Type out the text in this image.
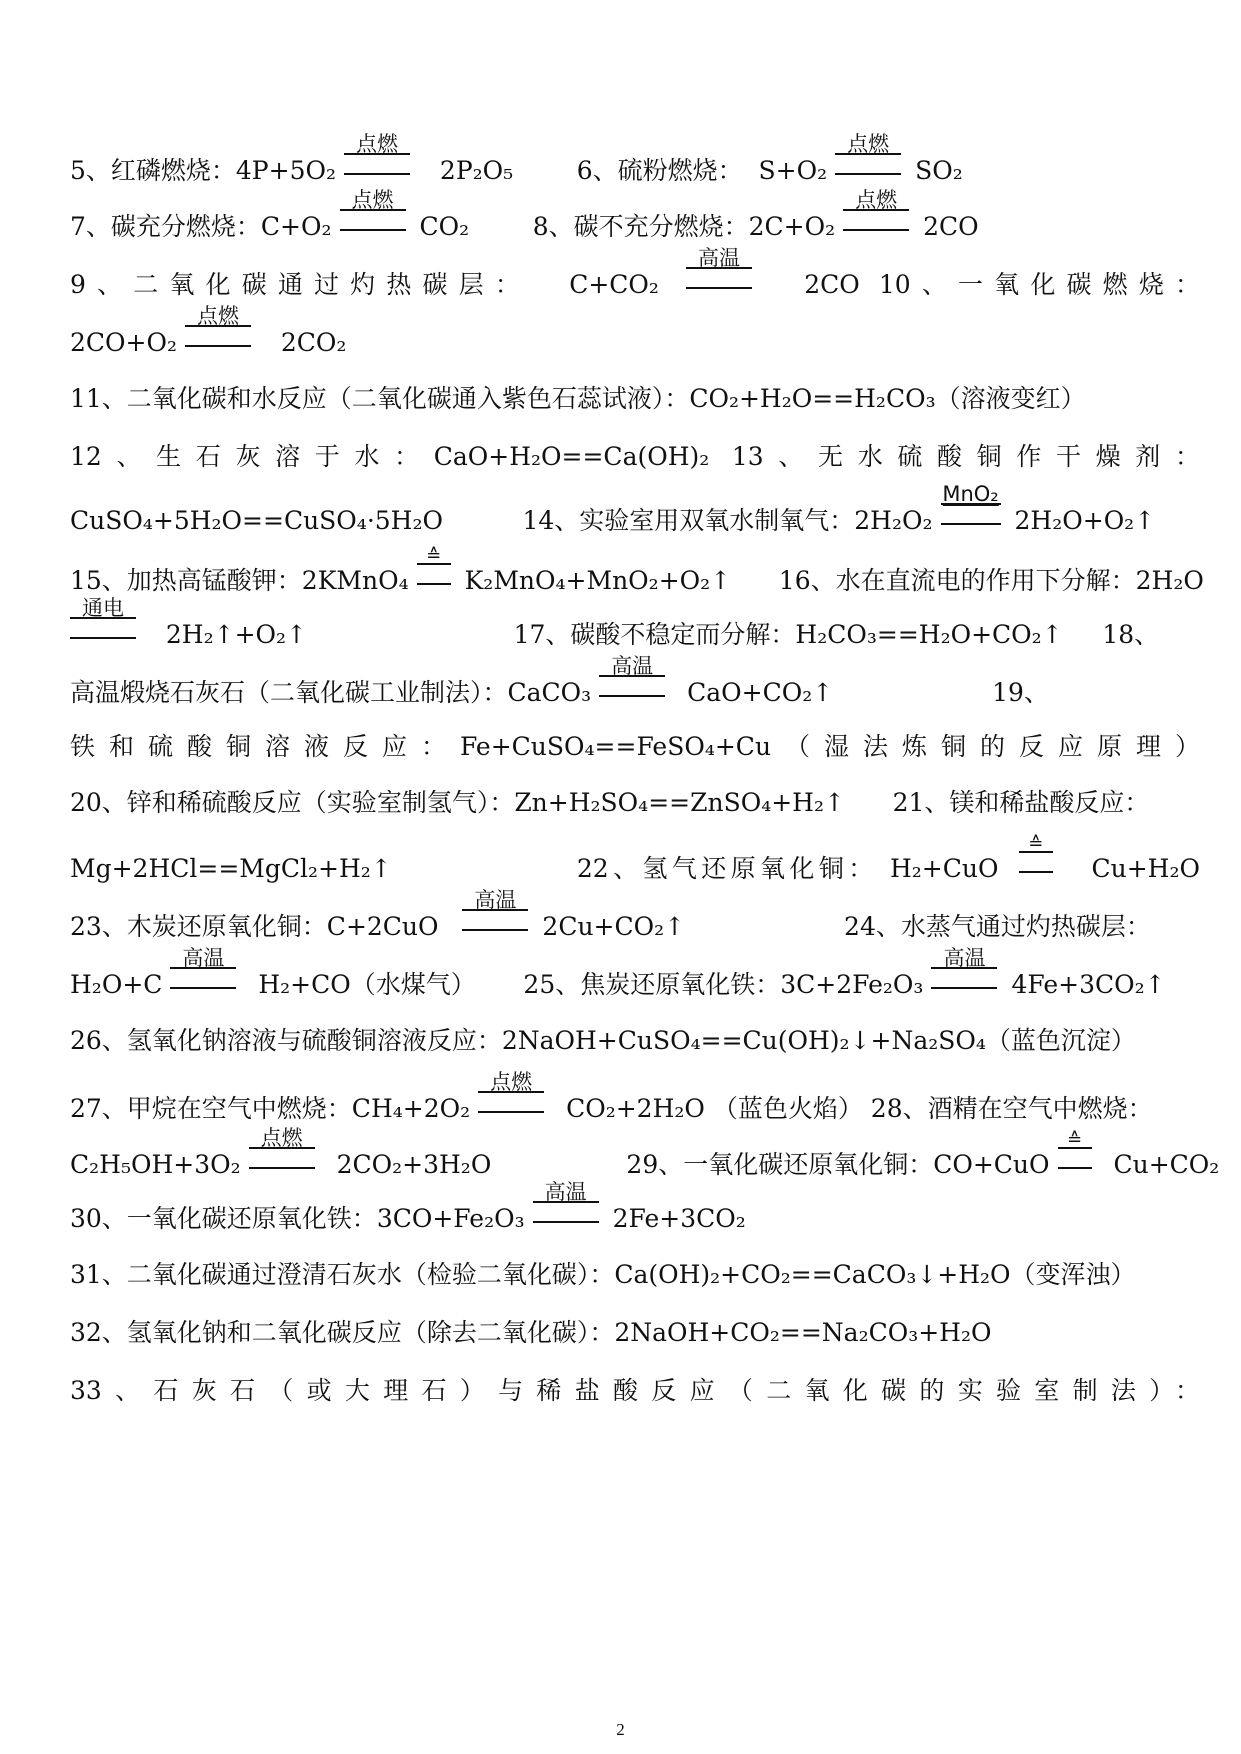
5、红磷燃烧：4P+5O₂
点燃
2P₂O₅        6、硫粉燃烧：  S+O₂
点燃
SO₂
7、碳充分燃烧：C+O₂
点燃
CO₂        8、碳不充分燃烧：2C+O₂
点燃
2CO
9、二氧化碳通过灼热碳层：  C+CO₂
高温
2CO 10、一氧化碳燃烧：
2CO+O₂
点燃
2CO₂
11、二氧化碳和水反应（二氧化碳通入紫色石蕊试液）：CO₂+H₂O==H₂CO₃（溶液变红）
12、生石灰溶于水：CaO+H₂O==Ca(OH)₂ 13、无水硫酸铜作干燥剂：
CuSO₄+5H₂O==CuSO₄·5H₂O          14、实验室用双氧水制氧气：2H₂O₂
MnO₂
2H₂O+O₂↑
15、加热高锰酸钾：2KMnO₄
≙
K₂MnO₄+MnO₂+O₂↑      16、水在直流电的作用下分解：2H₂O
通电
2H₂↑+O₂↑                          17、碳酸不稳定而分解：H₂CO₃==H₂O+CO₂↑     18、
高温煅烧石灰石（二氧化碳工业制法）：CaCO₃
高温
CaO+CO₂↑                    19、
铁和硫酸铜溶液反应：Fe+CuSO₄==FeSO₄+Cu（湿法炼铜的反应原理）
20、锌和稀硫酸反应（实验室制氢气）：Zn+H₂SO₄==ZnSO₄+H₂↑      21、镁和稀盐酸反应：
Mg+2HCl==MgCl₂+H₂↑               22、氢气还原氧化铜： H₂+CuO
≙
Cu+H₂O
23、木炭还原氧化铜：C+2CuO
高温
2Cu+CO₂↑                    24、水蒸气通过灼热碳层：
H₂O+C
高温
H₂+CO（水煤气）      25、焦炭还原氧化铁：3C+2Fe₂O₃
高温
4Fe+3CO₂↑
26、氢氧化钠溶液与硫酸铜溶液反应：2NaOH+CuSO₄==Cu(OH)₂↓+Na₂SO₄（蓝色沉淀）
27、甲烷在空气中燃烧：CH₄+2O₂
点燃
CO₂+2H₂O （蓝色火焰） 28、酒精在空气中燃烧：
C₂H₅OH+3O₂
点燃
2CO₂+3H₂O                 29、一氧化碳还原氧化铜：CO+CuO
≙
Cu+CO₂
30、一氧化碳还原氧化铁：3CO+Fe₂O₃
高温
2Fe+3CO₂
31、二氧化碳通过澄清石灰水（检验二氧化碳）：Ca(OH)₂+CO₂==CaCO₃↓+H₂O（变浑浊）
32、氢氧化钠和二氧化碳反应（除去二氧化碳）：2NaOH+CO₂==Na₂CO₃+H₂O
33、石灰石（或大理石）与稀盐酸反应（二氧化碳的实验室制法）：
2
